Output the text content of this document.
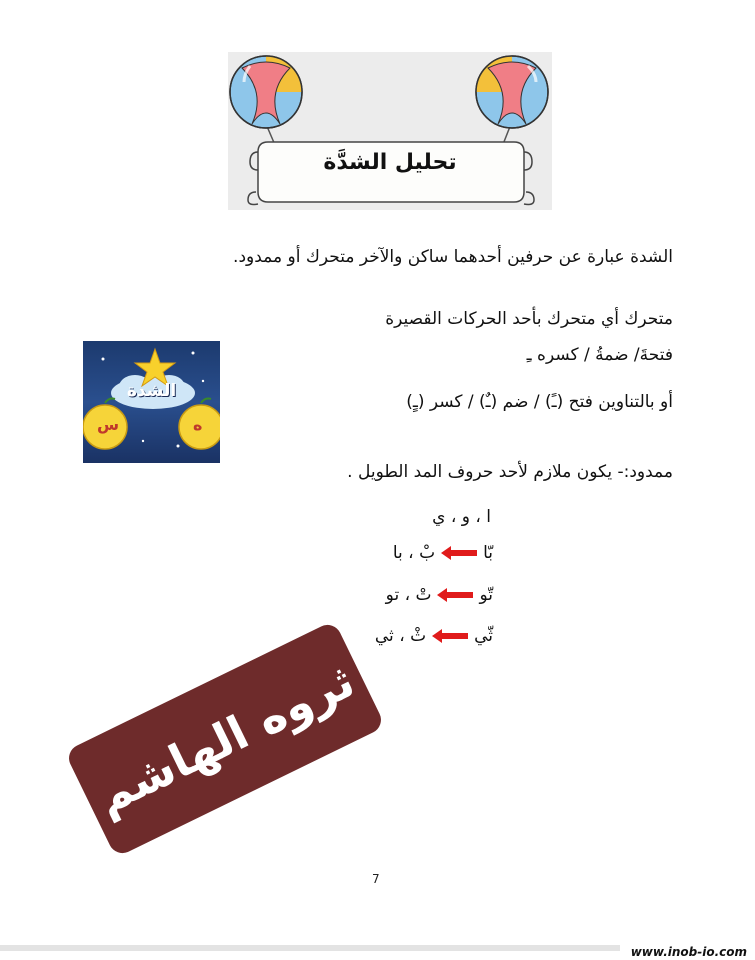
تحليل الشدَّة
الشدة عبارة عن حرفين أحدهما ساكن والآخر متحرك أو ممدود.
متحرك أي متحرك بأحد الحركات القصيرة
فتحةَ/ ضمةُ / كسره ـِ
أو بالتناوين فتح (ـً) / ضم (ـٌ) / كسر (ـٍ)
ممدود:- يكون ملازم لأحد حروف المد الطويل .
ا ، و ، ي
بّا
بْ ، با
تّو
تْ ، تو
ثّي
ثْ ، ثي
الشدة
س	ه
ثروه الهاشم
7
www.inob-io.com
